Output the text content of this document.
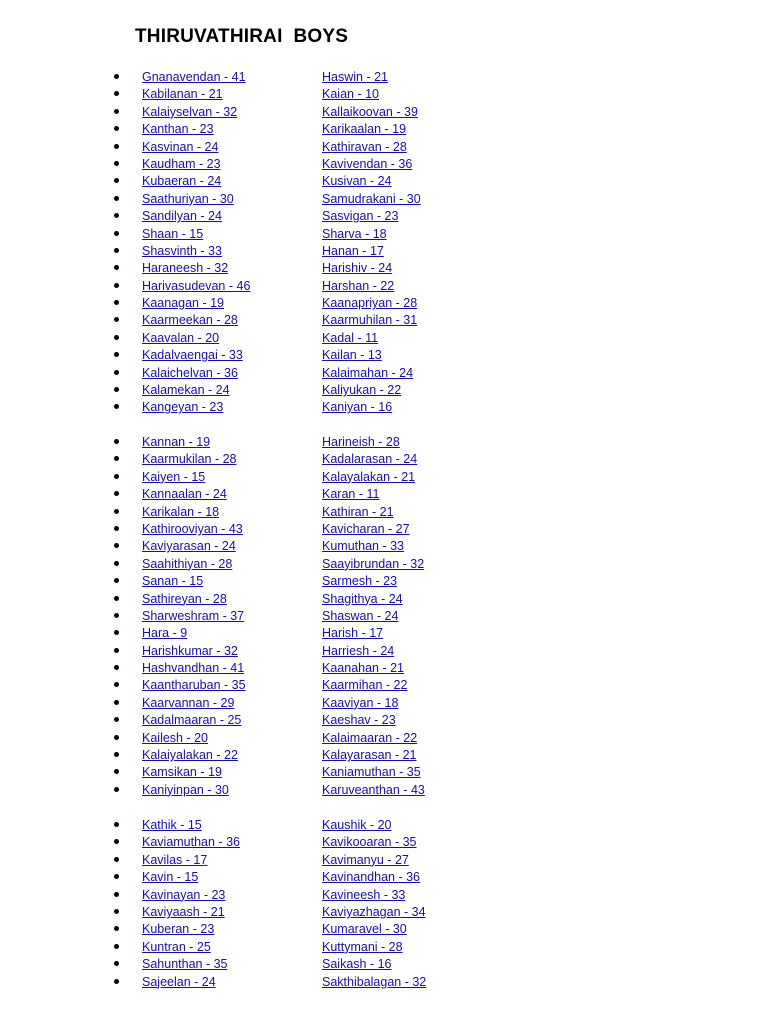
THIRUVATHIRAI  BOYS
Gnanavendan - 41	Haswin - 21
Kabilanan - 21	Kaian - 10
Kalaiyselvan - 32	Kallaikoovan - 39
Kanthan - 23	Karikaalan - 19
Kasvinan - 24	Kathiravan - 28
Kaudham - 23	Kavivendan - 36
Kubaeran - 24	Kusivan - 24
Saathuriyan - 30	Samudrakani - 30
Sandilyan - 24	Sasvigan - 23
Shaan - 15	Sharva - 18
Shasvinth - 33	Hanan - 17
Haraneesh - 32	Harishiv - 24
Harivasudevan - 46	Harshan - 22
Kaanagan - 19	Kaanapriyan - 28
Kaarmeekan - 28	Kaarmuhilan - 31
Kaavalan - 20	Kadal - 11
Kadalvaengai - 33	Kailan - 13
Kalaichelvan - 36	Kalaimahan - 24
Kalamekan - 24	Kaliyukan - 22
Kangeyan - 23	Kaniyan - 16
Kannan - 19	Harineish - 28
Kaarmukilan - 28	Kadalarasan - 24
Kaiyen - 15	Kalayalakan - 21
Kannaalan - 24	Karan - 11
Karikalan - 18	Kathiran - 21
Kathirooviyan - 43	Kavicharan - 27
Kaviyarasan - 24	Kumuthan - 33
Saahithiyan - 28	Saayibrundan - 32
Sanan - 15	Sarmesh - 23
Sathireyan - 28	Shagithya - 24
Sharweshram - 37	Shaswan - 24
Hara - 9	Harish - 17
Harishkumar - 32	Harriesh - 24
Hashvandhan - 41	Kaanahan - 21
Kaantharuban - 35	Kaarmihan - 22
Kaarvannan - 29	Kaaviyan - 18
Kadalmaaran - 25	Kaeshav - 23
Kailesh - 20	Kalaimaaran - 22
Kalaiyalakan - 22	Kalayarasan - 21
Kamsikan - 19	Kaniamuthan - 35
Kaniyinpan - 30	Karuveanthan - 43
Kathik - 15	Kaushik - 20
Kaviamuthan - 36	Kavikooaran - 35
Kavilas - 17	Kavimanyu - 27
Kavin - 15	Kavinandhan - 36
Kavinayan - 23	Kavineesh - 33
Kaviyaash - 21	Kaviyazhagan - 34
Kuberan - 23	Kumaravel - 30
Kuntran - 25	Kuttymani - 28
Sahunthan - 35	Saikash - 16
Sajeelan - 24	Sakthibalagan - 32
